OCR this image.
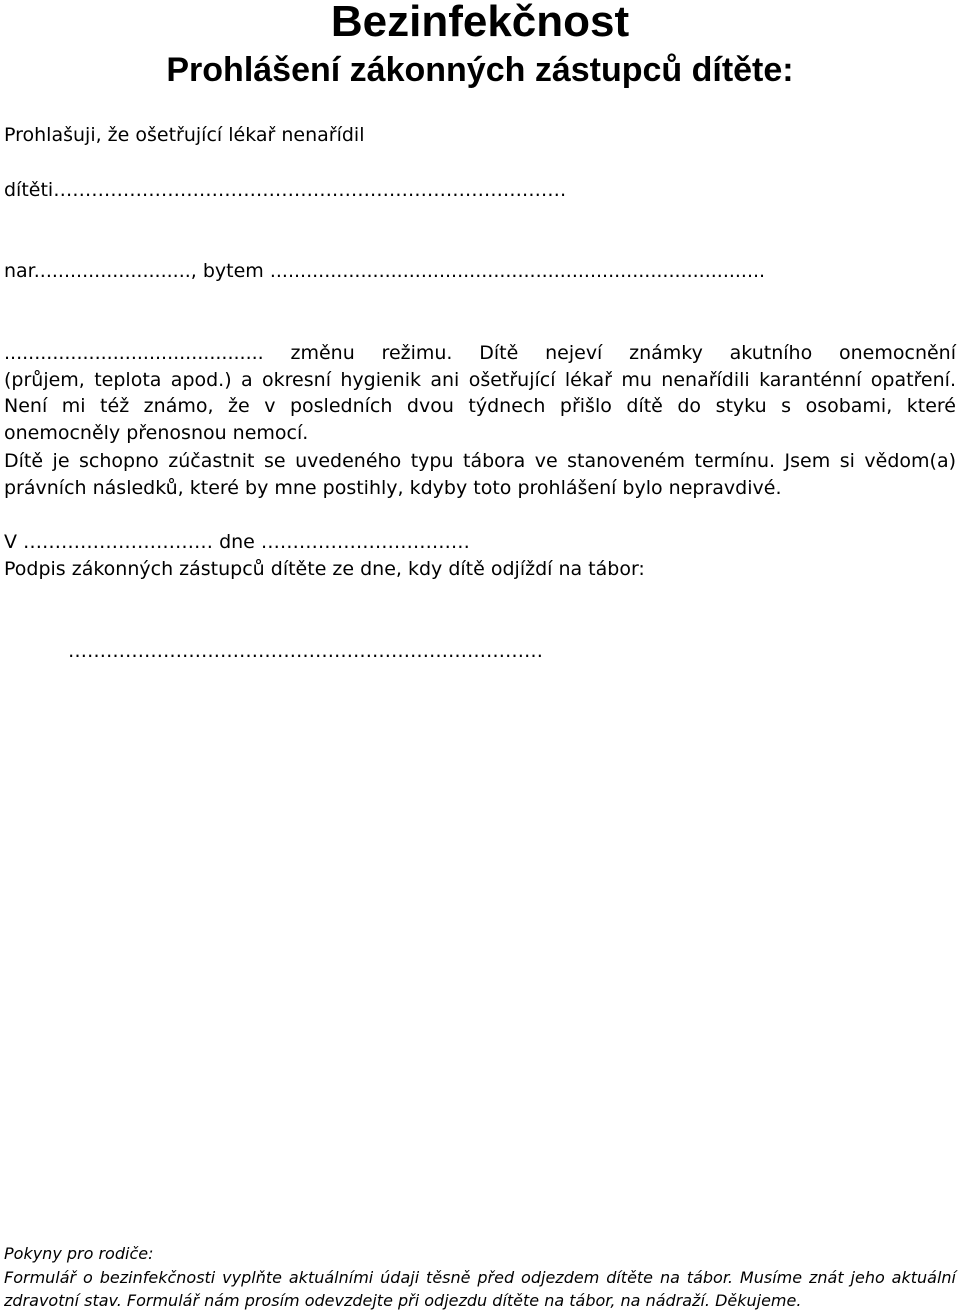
Bezinfekčnost
Prohlášení zákonných zástupců dítěte:

Prohlašuji, že ošetřující lékař nenařídil

dítěti………………………………………………………………………

nar.........................., bytem ..................................................................................

........................................... změnu režimu. Dítě nejeví známky akutního onemocnění

(průjem, teplota apod.) a okresní hygienik ani ošetřující lékař mu nenařídili karanténní opatření.

Není mi též známo, že v posledních dvou týdnech přišlo dítě do styku s osobami, které

onemocněly přenosnou nemocí.

Dítě je schopno zúčastnit se uvedeného typu tábora ve stanoveném termínu. Jsem si vědom(a)

právních následků, které by mne postihly, kdyby toto prohlášení bylo nepravdivé.

V ………………………… dne ……………………………

Podpis zákonných zástupců dítěte ze dne, kdy dítě odjíždí na tábor:

…………………………………………………………………

Pokyny pro rodiče:

Formulář o bezinfekčnosti vyplňte aktuálními údaji těsně před odjezdem dítěte na tábor. Musíme znát jeho aktuální

zdravotní stav. Formulář nám prosím odevzdejte při odjezdu dítěte na tábor, na nádraží. Děkujeme.
